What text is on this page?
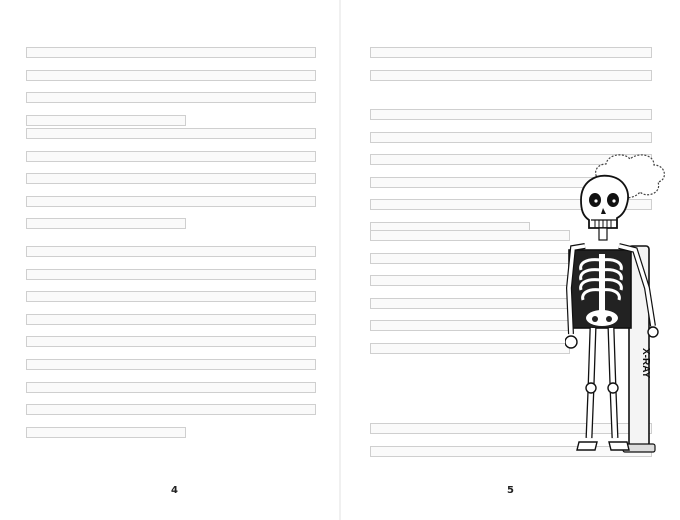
4
X-RAY
5
